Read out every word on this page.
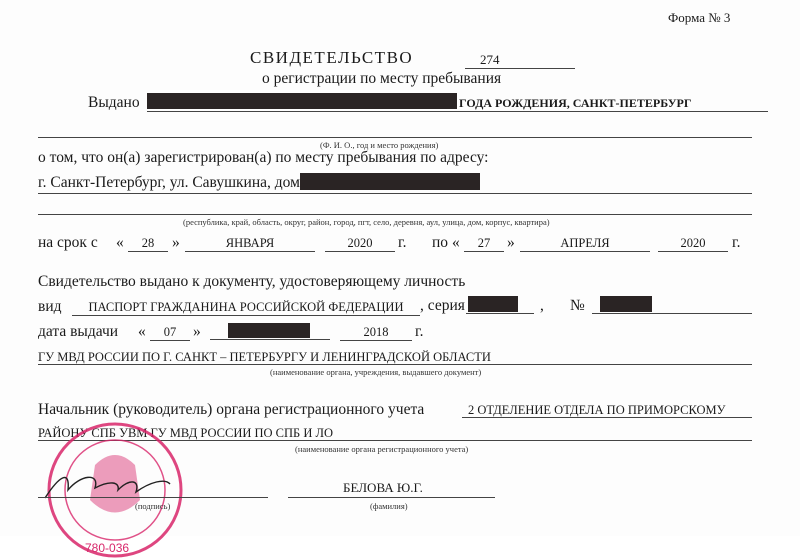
Форма № 3
СВИДЕТЕЛЬСТВО	274
о регистрации по месту пребывания
Выдано	ГОДА РОЖДЕНИЯ, САНКТ-ПЕТЕРБУРГ
(Ф. И. О., год и место рождения)
о том, что он(а) зарегистрирован(а) по месту пребывания по адресу:
г. Санкт-Петербург, ул. Савушкина, дом
(республика, край, область, округ, район, город, пгт, село, деревня, аул, улица, дом, корпус, квартира)
на срок с «	28	»	ЯНВАРЯ	2020	г. по «	27	»	АПРЕЛЯ	2020	г.
Свидетельство выдано к документу, удостоверяющему личность
вид	ПАСПОРТ ГРАЖДАНИНА РОССИЙСКОЙ ФЕДЕРАЦИИ	, серия	, №
дата выдачи «	07	»	2018	г.
ГУ МВД РОССИИ ПО Г. САНКТ – ПЕТЕРБУРГУ И ЛЕНИНГРАДСКОЙ ОБЛАСТИ
(наименование органа, учреждения, выдавшего документ)
Начальник (руководитель) органа регистрационного учета	2 ОТДЕЛЕНИЕ ОТДЕЛА ПО ПРИМОРСКОМУ
РАЙОНУ СПБ УВМ ГУ МВД РОССИИ ПО СПБ И ЛО
(наименование органа регистрационного учета)
780-036
(подпись)
БЕЛОВА Ю.Г.
(фамилия)
